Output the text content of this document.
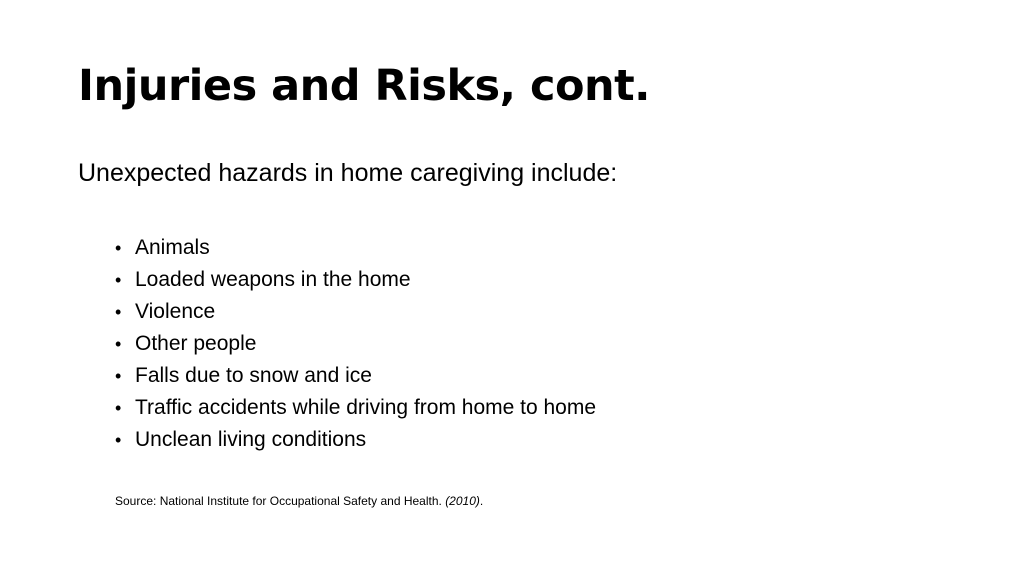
Injuries and Risks, cont.

Unexpected hazards in home caregiving include:

• Animals
• Loaded weapons in the home
• Violence
• Other people
• Falls due to snow and ice
• Traffic accidents while driving from home to home
• Unclean living conditions

Source: National Institute for Occupational Safety and Health. (2010).
